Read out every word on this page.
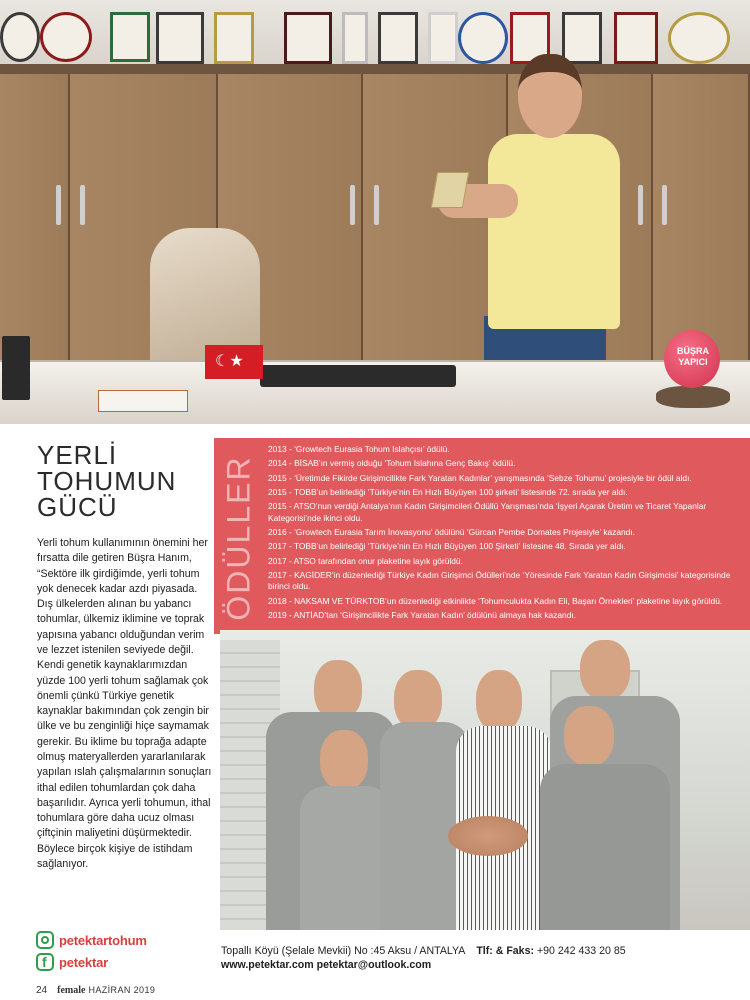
☾★
BÜŞRA YAPICI
YERLİ
TOHUMUN
GÜCÜ

Yerli tohum kullanımının önemini her fırsatta dile getiren Büşra Hanım, “Sektöre ilk girdiğimde, yerli tohum yok denecek kadar azdı piyasada. Dış ülkelerden alınan bu yabancı tohumlar, ülkemiz iklimine ve toprak yapısına yabancı olduğundan verim ve lezzet istenilen seviyede değil. Kendi genetik kaynaklarımızdan yüzde 100 yerli tohum sağlamak çok önemli çünkü Türkiye genetik kaynaklar bakımından çok zengin bir ülke ve bu zenginliği hiçe saymamak gerekir. Bu iklime bu toprağa adapte olmuş materyallerden yararlanılarak yapılan ıslah çalışmalarının sonuçları ithal edilen tohumlardan çok daha başarılıdır. Ayrıca yerli tohumun, ithal tohumlara göre daha ucuz olması çiftçinin maliyetini düşürmektedir. Böylece birçok kişiye de istihdam sağlanıyor.

ÖDÜLLER
2013 - ‘Growtech Eurasia Tohum Islahçısı’ ödülü.
2014 - BİSAB’ın vermiş olduğu ‘Tohum Islahına Genç Bakış’ ödülü.
2015 - ‘Üretimde Fikirde Girişimcilikte Fark Yaratan Kadınlar’ yarışmasında ‘Sebze Tohumu’ projesiyle bir ödül aldı.
2015 - TOBB’un belirlediği ‘Türkiye’nin En Hızlı Büyüyen 100 şirketi’ listesinde 72. sırada yer aldı.
2015 - ATSO’nun verdiği Antalya’nın Kadın Girişimcileri Ödüllü Yarışması’nda ‘İşyeri Açarak Üretim ve Ticaret Yapanlar Kategorisi’nde ikinci oldu.
2016 - ‘Growtech Eurasia Tarım İnovasyonu’ ödülünü ‘Gürcan Pembe Domates Projesiyle’ kazandı.
2017 - TOBB’un belirlediği ‘Türkiye’nin En Hızlı Büyüyen 100 Şirketi’ listesine 48. Sırada yer aldı.
2017 - ATSO tarafından onur plaketine layık görüldü.
2017 - KAGİDER’in düzenlediği Türkiye Kadın Girişimci Ödülleri’nde ‘Yöresinde Fark Yaratan Kadın Girişimcisi’ kategorisinde birinci oldu.
2018 - NAKSAM VE TÜRKTOB’un düzenlediği etkinlikte ‘Tohumculukta Kadın Eli, Başarı Örnekleri’ plaketine layık görüldü.
2019 - ANTİAD’tan ‘Girişimcilikte Fark Yaratan Kadın’ ödülünü almaya hak kazandı.
petektartohum
f
petektar
Topallı Köyü (Şelale Mevkii) No :45 Aksu / ANTALYA Tlf: & Faks: +90 242 433 20 85
www.petektar.com petektar@outlook.com
24 female HAZİRAN 2019
